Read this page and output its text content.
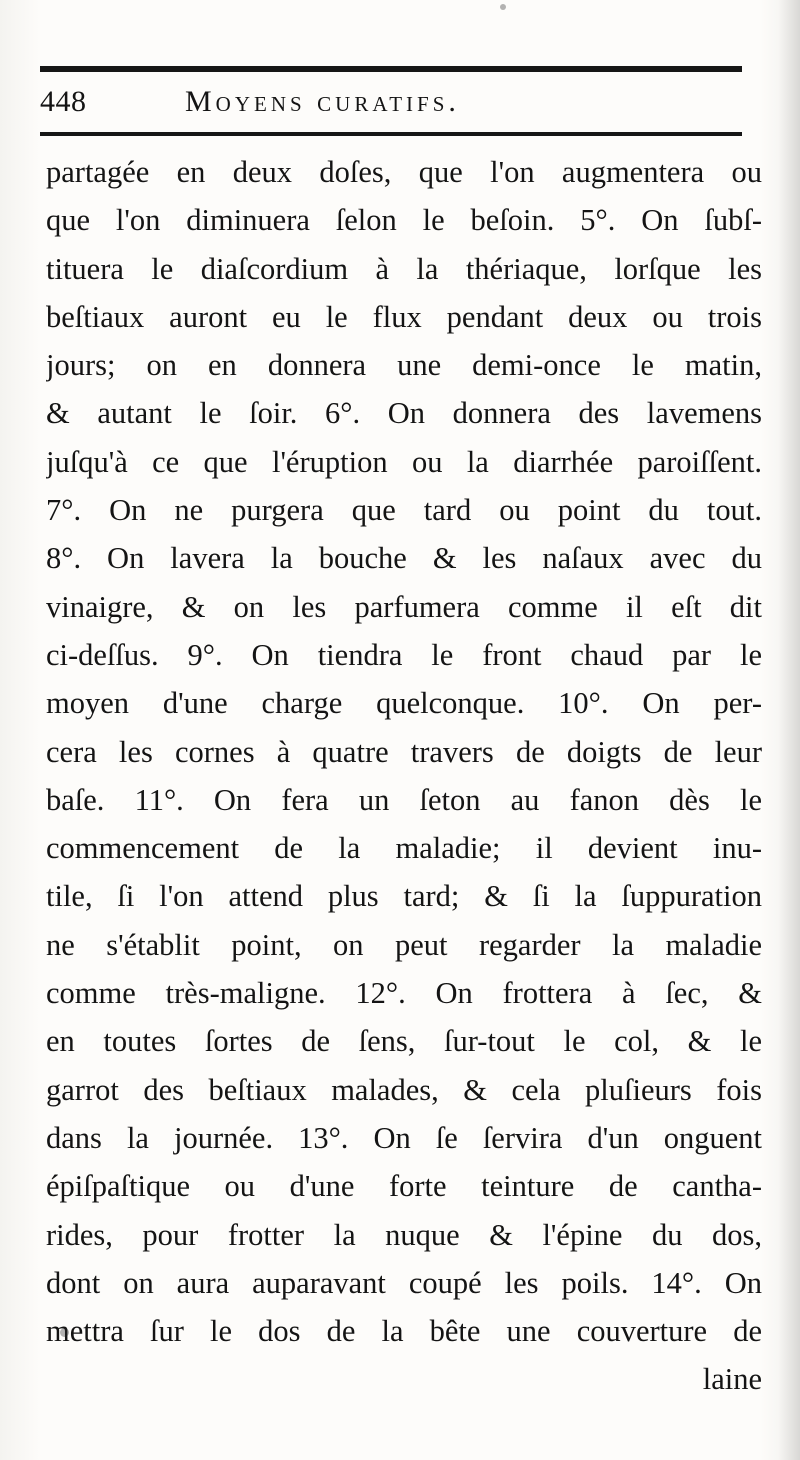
448	Moyens curatifs.
partagée en deux doſes, que l'on augmentera ou
que l'on diminuera ſelon le beſoin. 5°. On ſubſ-
tituera le diaſcordium à la thériaque, lorſque les
beſtiaux auront eu le flux pendant deux ou trois
jours; on en donnera une demi-once le matin,
& autant le ſoir. 6°. On donnera des lavemens
juſqu'à ce que l'éruption ou la diarrhée paroiſſent.
7°. On ne purgera que tard ou point du tout.
8°. On lavera la bouche & les naſaux avec du
vinaigre, & on les parfumera comme il eſt dit
ci-deſſus. 9°. On tiendra le front chaud par le
moyen d'une charge quelconque. 10°. On per-
cera les cornes à quatre travers de doigts de leur
baſe. 11°. On fera un ſeton au fanon dès le
commencement de la maladie; il devient inu-
tile, ſi l'on attend plus tard; & ſi la ſuppuration
ne s'établit point, on peut regarder la maladie
comme très-maligne. 12°. On frottera à ſec, &
en toutes ſortes de ſens, ſur-tout le col, & le
garrot des beſtiaux malades, & cela pluſieurs fois
dans la journée. 13°. On ſe ſervira d'un onguent
épiſpaſtique ou d'une forte teinture de cantha-
rides, pour frotter la nuque & l'épine du dos,
dont on aura auparavant coupé les poils. 14°. On
mettra ſur le dos de la bête une couverture de
laine
